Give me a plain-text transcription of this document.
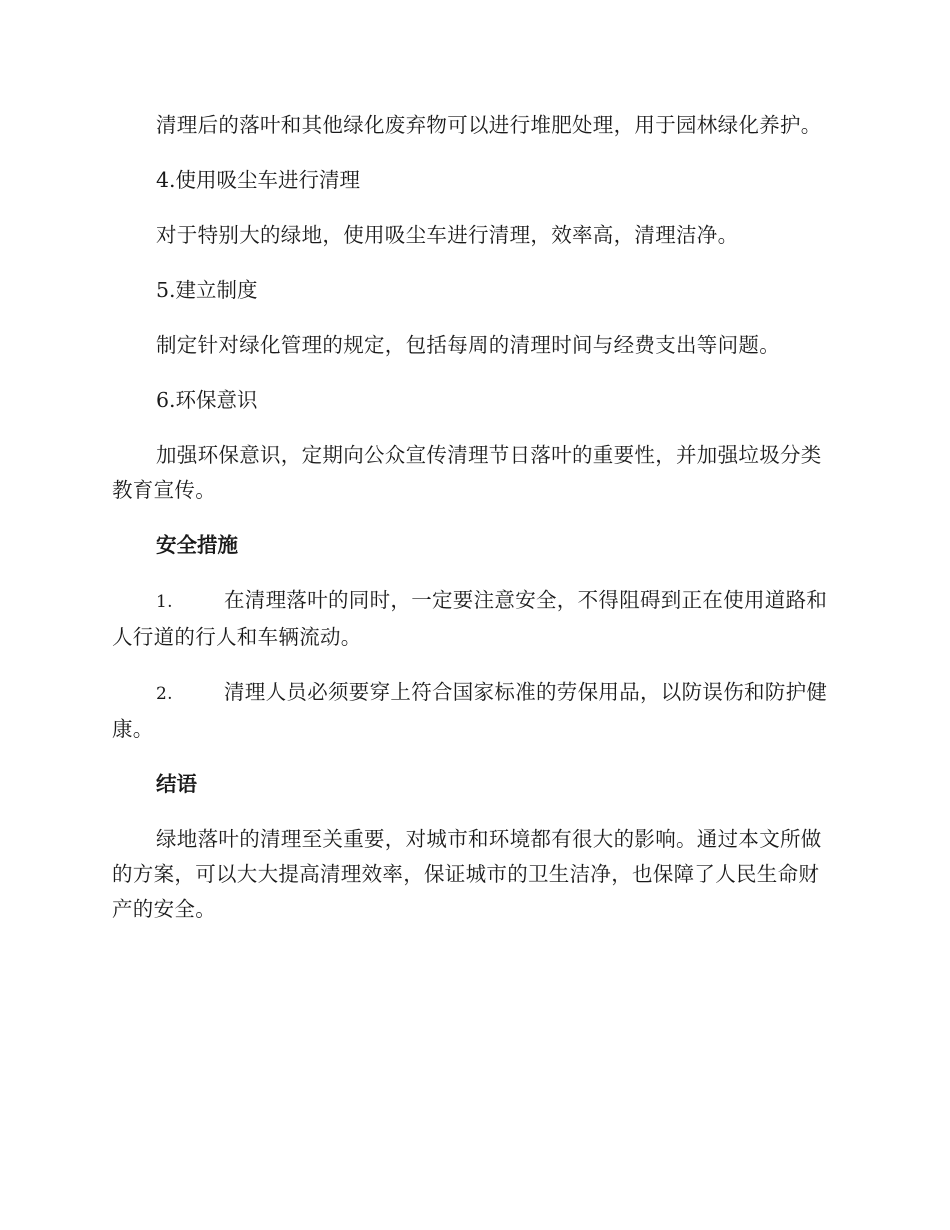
清理后的落叶和其他绿化废弃物可以进行堆肥处理，用于园林绿化养护。

4.使用吸尘车进行清理

对于特别大的绿地，使用吸尘车进行清理，效率高，清理洁净。

5.建立制度

制定针对绿化管理的规定，包括每周的清理时间与经费支出等问题。

6.环保意识

加强环保意识，定期向公众宣传清理节日落叶的重要性，并加强垃圾分类教育宣传。

安全措施

1. 在清理落叶的同时，一定要注意安全，不得阻碍到正在使用道路和人行道的行人和车辆流动。

2. 清理人员必须要穿上符合国家标准的劳保用品，以防误伤和防护健康。

结语

绿地落叶的清理至关重要，对城市和环境都有很大的影响。通过本文所做的方案，可以大大提高清理效率，保证城市的卫生洁净，也保障了人民生命财产的安全。
